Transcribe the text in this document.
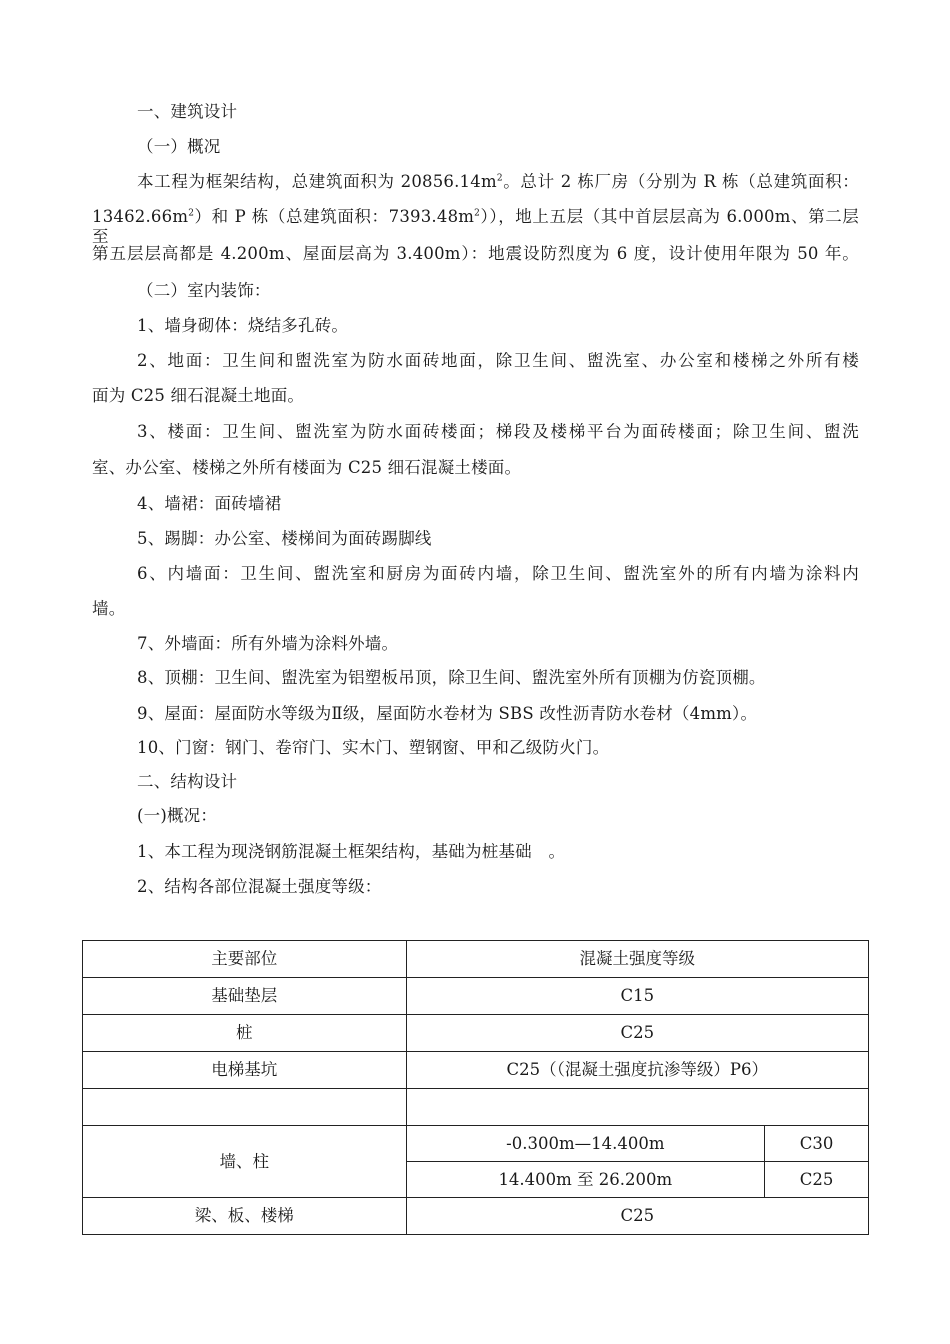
一、建筑设计
（一）概况
本工程为框架结构，总建筑面积为 $20856.14m^2$。总计 2 栋厂房（分别为 R 栋（总建筑面积：
$13462.66m^2$）和 P 栋（总建筑面积：$7393.48m^2$）），地上五层（其中首层层高为 6.000m、第二层至
第五层层高都是 4.200m、屋面层高为 3.400m）：地震设防烈度为 6 度，设计使用年限为 50 年。
（二）室内装饰：
1、墙身砌体：烧结多孔砖。
2、地面：卫生间和盥洗室为防水面砖地面，除卫生间、盥洗室、办公室和楼梯之外所有楼
面为 C25 细石混凝土地面。
3、楼面：卫生间、盥洗室为防水面砖楼面；梯段及楼梯平台为面砖楼面；除卫生间、盥洗
室、办公室、楼梯之外所有楼面为 C25 细石混凝土楼面。
4、墙裙：面砖墙裙
5、踢脚：办公室、楼梯间为面砖踢脚线
6、内墙面：卫生间、盥洗室和厨房为面砖内墙，除卫生间、盥洗室外的所有内墙为涂料内
墙。
7、外墙面：所有外墙为涂料外墙。
8、顶棚：卫生间、盥洗室为铝塑板吊顶，除卫生间、盥洗室外所有顶棚为仿瓷顶棚。
9、屋面：屋面防水等级为Ⅱ级，屋面防水卷材为 SBS 改性沥青防水卷材（4mm）。
10、门窗：钢门、卷帘门、实木门、塑钢窗、甲和乙级防火门。
二、结构设计
(一)概况：
1、本工程为现浇钢筋混凝土框架结构，基础为桩基础　。
2、结构各部位混凝土强度等级：
主要部位	混凝土强度等级	
基础垫层	C15	
桩	C25	
电梯基坑	C25（（混凝土强度抗渗等级）P6）	

墙、柱	-0.300m—14.400m	C30
	14.400m 至 26.200m	C25
梁、板、楼梯	C25	
